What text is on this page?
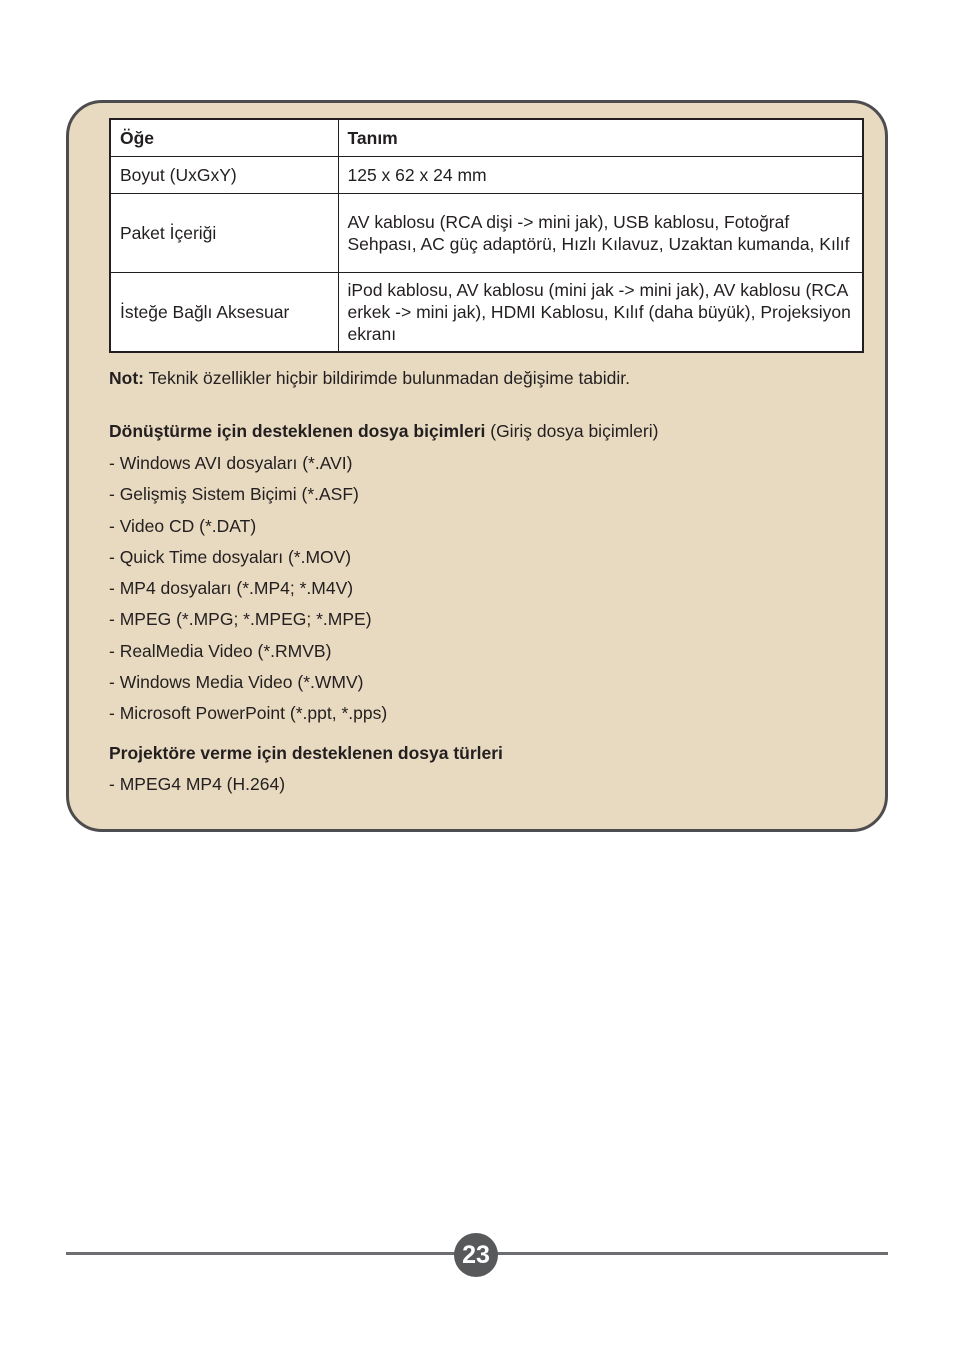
Öğe	Tanım
Boyut (UxGxY)	125 x 62 x 24 mm
Paket İçeriği	AV kablosu (RCA dişi -> mini jak), USB kablosu, Fotoğraf Sehpası, AC güç adaptörü, Hızlı Kılavuz, Uzaktan kumanda, Kılıf
İsteğe Bağlı Aksesuar	iPod kablosu, AV kablosu (mini jak -> mini jak), AV kablosu (RCA erkek -> mini jak), HDMI Kablosu, Kılıf (daha büyük), Projeksiyon ekranı

Not: Teknik özellikler hiçbir bildirimde bulunmadan değişime tabidir.

Dönüştürme için desteklenen dosya biçimleri (Giriş dosya biçimleri)

- Windows AVI dosyaları (*.AVI)
- Gelişmiş Sistem Biçimi (*.ASF)
- Video CD (*.DAT)
- Quick Time dosyaları (*.MOV)
- MP4 dosyaları (*.MP4; *.M4V)
- MPEG (*.MPG; *.MPEG; *.MPE)
- RealMedia Video (*.RMVB)
- Windows Media Video (*.WMV)
- Microsoft PowerPoint (*.ppt, *.pps)

Projektöre verme için desteklenen dosya türleri

- MPEG4 MP4 (H.264)
23
